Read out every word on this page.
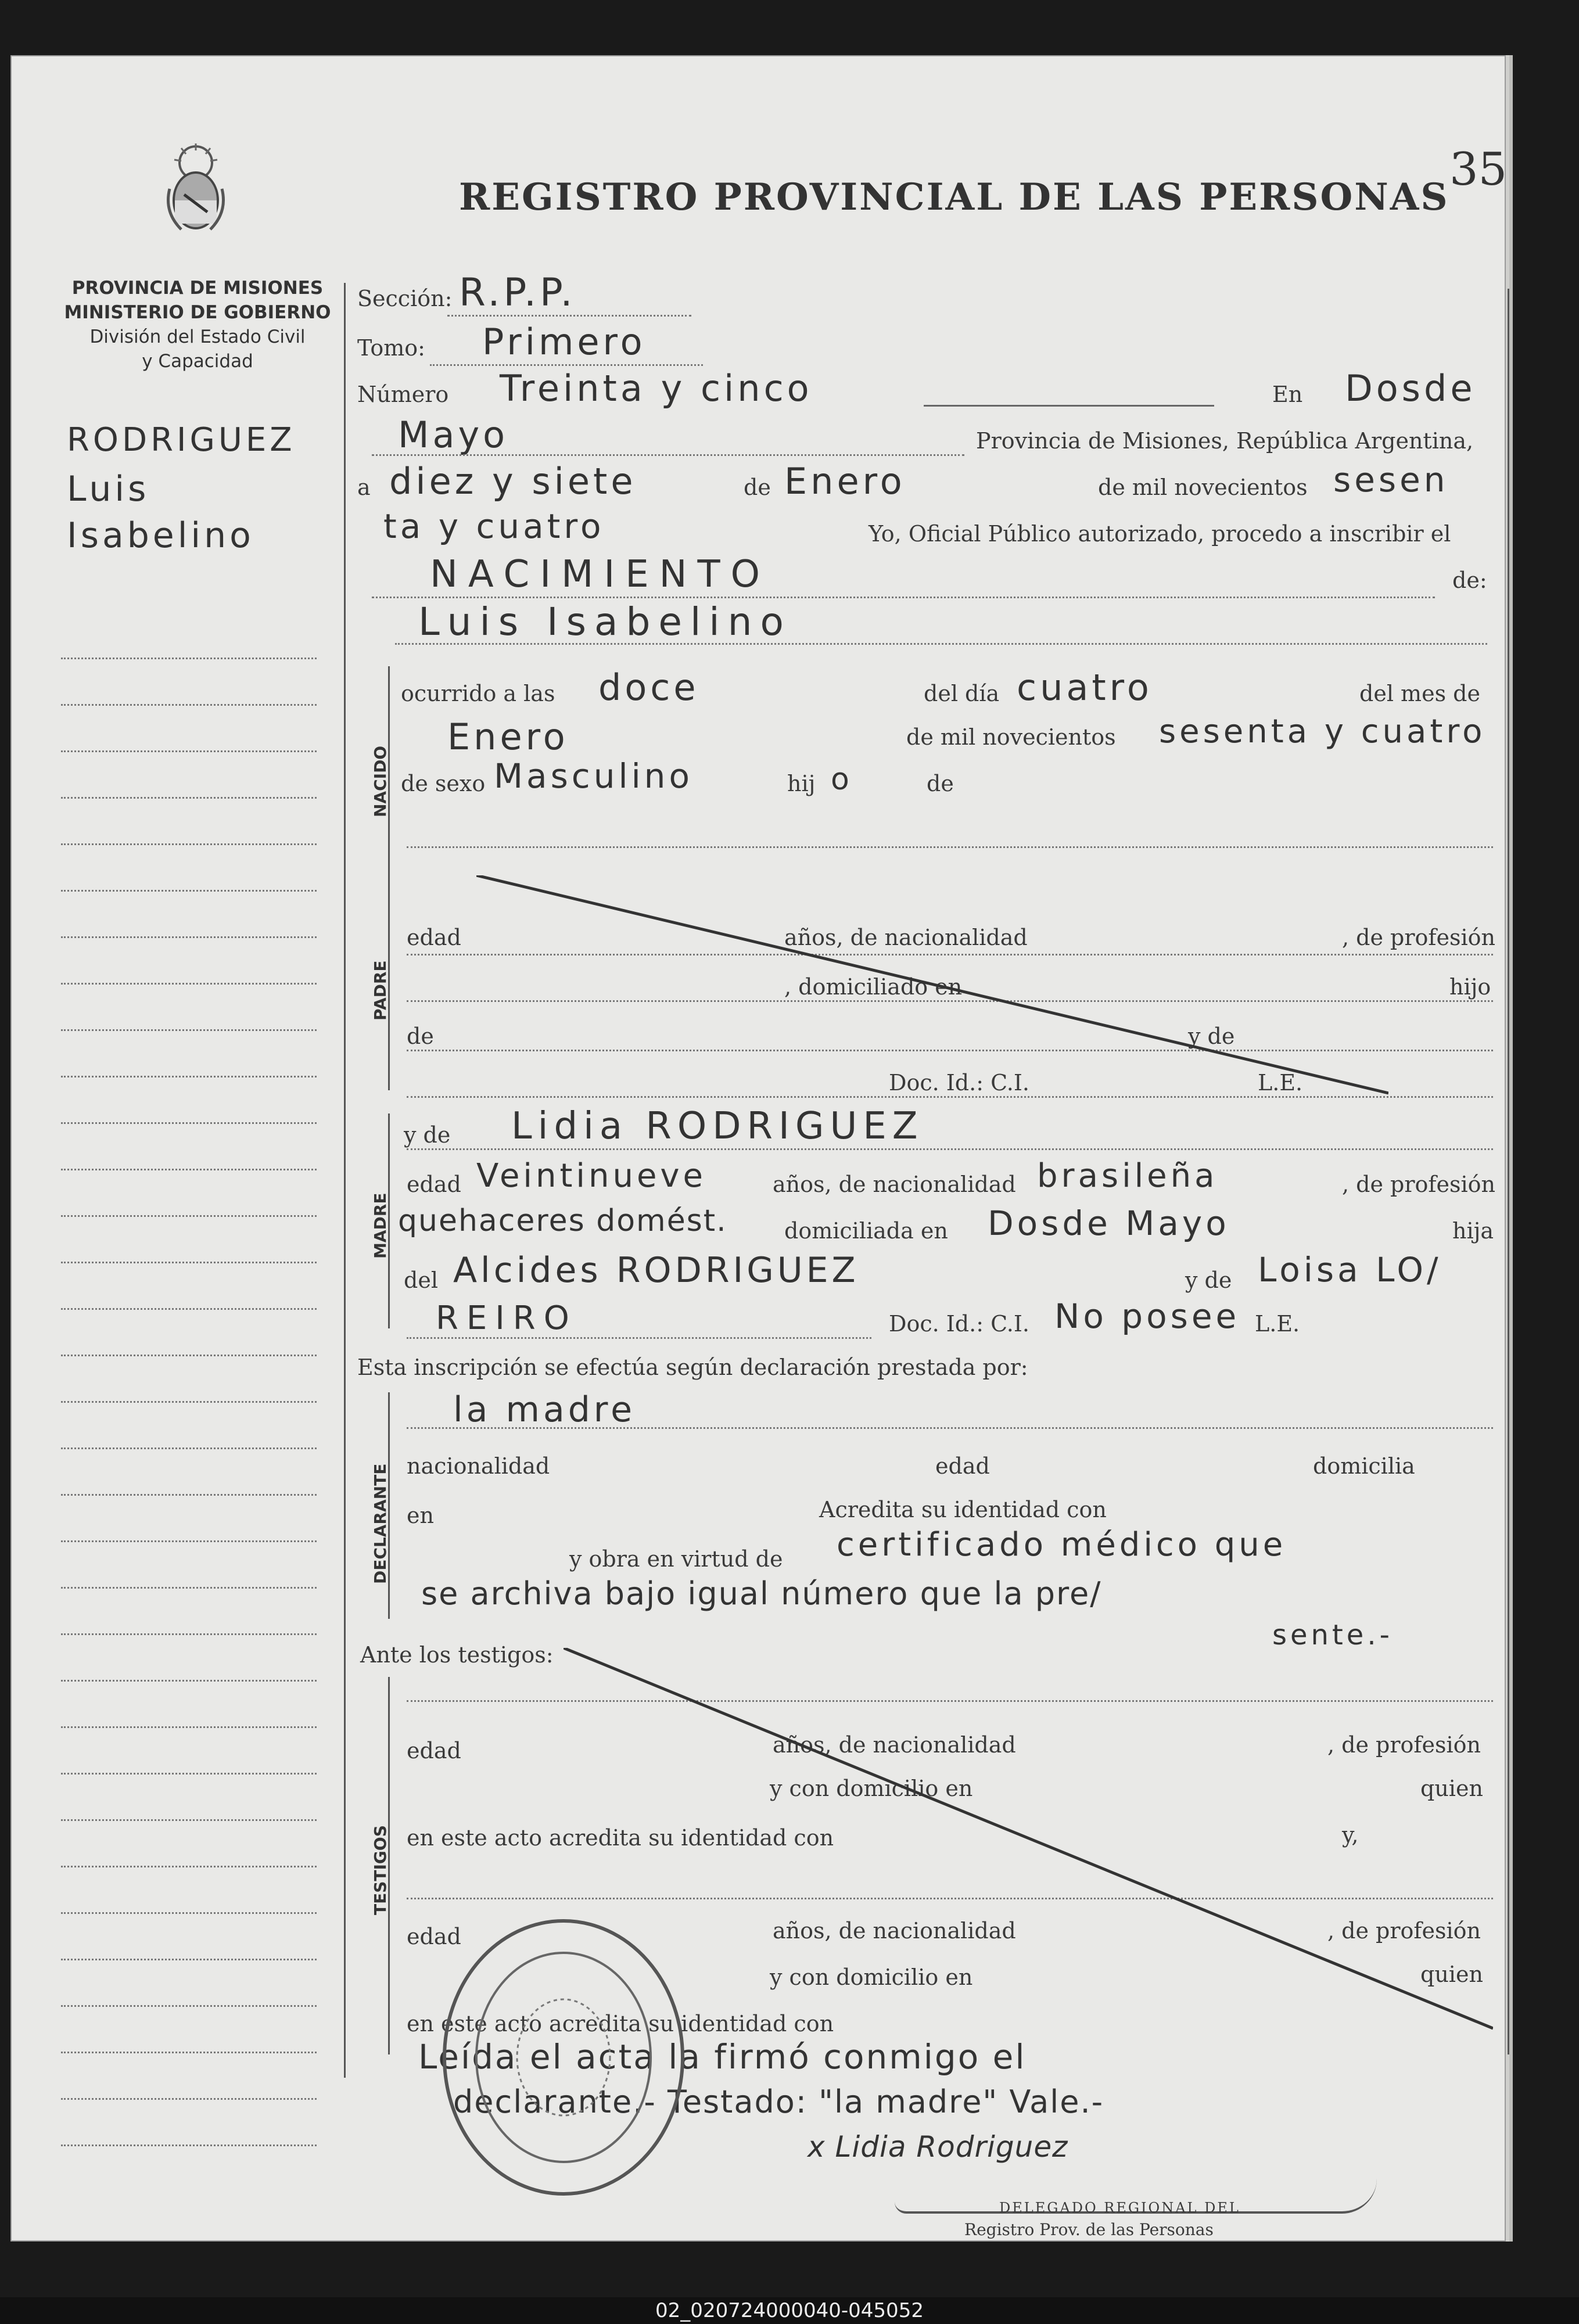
REGISTRO PROVINCIAL DE LAS PERSONAS
35
PROVINCIA DE MISIONES
MINISTERIO DE GOBIERNO
División del Estado Civil
y Capacidad
RODRIGUEZ
Luis
Isabelino
NACIDO
PADRE
MADRE
DECLARANTE
TESTIGOS
Sección: R.P.P.
Tomo: Primero
Número Treinta y cinco	En Dosde
Mayo	Provincia de Misiones, República Argentina,
a diez y siete	de Enero	de mil novecientos sesen
ta y cuatro	Yo, Oficial Público autorizado, procedo a inscribir el
NACIMIENTO	de:
Luis Isabelino
ocurrido a las doce	del día cuatro	del mes de
Enero	de mil novecientos sesenta y cuatro
de sexo Masculino	hij o	de
edad	años, de nacionalidad	, de profesión
, domiciliado en	hijo
de	y de
Doc. Id.: C.I.	L.E.
y de Lidia RODRIGUEZ
edad Veintinueve	años, de nacionalidad brasileña	, de profesión
quehaceres domést.	domiciliada en Dosde Mayo	hija
del Alcides RODRIGUEZ	y de Loisa LO/
REIRO	Doc. Id.: C.I. No posee L.E.
Esta inscripción se efectúa según declaración prestada por:
la madre
nacionalidad	edad	domicilia
en	Acredita su identidad con
y obra en virtud de certificado médico que
se archiva bajo igual número que la pre/
sente.-
Ante los testigos:
edad	años, de nacionalidad	, de profesión
y con domicilio en	quien
en este acto acredita su identidad con	y,
edad	años, de nacionalidad	, de profesión
y con domicilio en	quien
en este acto acredita su identidad con
Leída el acta la firmó conmigo el
declarante.- Testado: "la madre" Vale.-
x Lidia Rodriguez
DELEGADO REGIONAL DEL
Registro Prov. de las Personas
02_020724000040-045052
